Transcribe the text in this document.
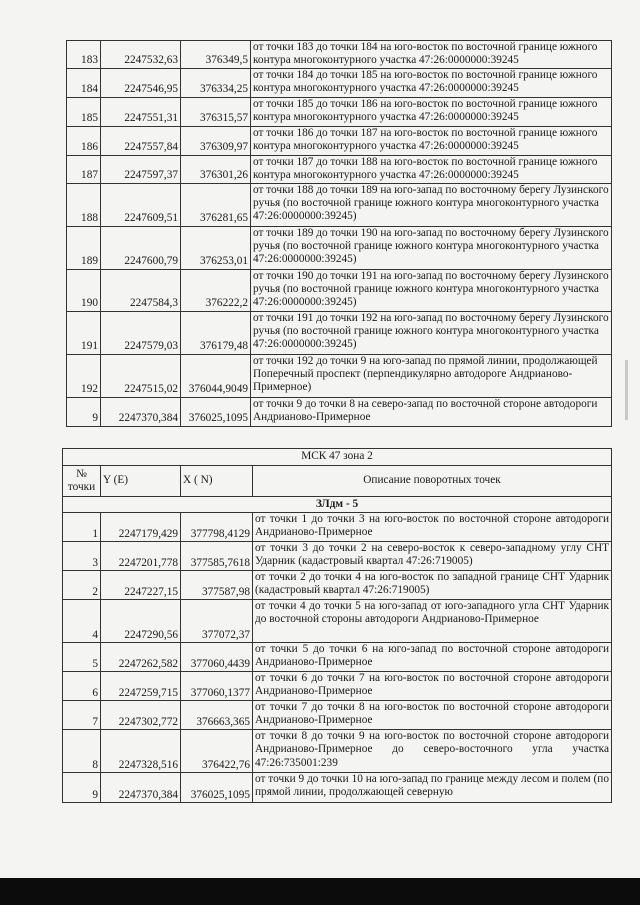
183	2247532,63	376349,5	от точки 183 до точки 184 на юго-восток по восточной границе южного контура многоконтурного участка 47:26:0000000:39245
184	2247546,95	376334,25	от точки 184 до точки 185 на юго-восток по восточной границе южного контура многоконтурного участка 47:26:0000000:39245
185	2247551,31	376315,57	от точки 185 до точки 186 на юго-восток по восточной границе южного контура многоконтурного участка 47:26:0000000:39245
186	2247557,84	376309,97	от точки 186 до точки 187 на юго-восток по восточной границе южного контура многоконтурного участка 47:26:0000000:39245
187	2247597,37	376301,26	от точки 187 до точки 188 на юго-восток по восточной границе южного контура многоконтурного участка 47:26:0000000:39245
188	2247609,51	376281,65	от точки 188 до точки 189 на юго-запад по восточному берегу Лузинского ручья (по восточной границе южного контура многоконтурного участка 47:26:0000000:39245)
189	2247600,79	376253,01	от точки 189 до точки 190 на юго-запад по восточному берегу Лузинского ручья (по восточной границе южного контура многоконтурного участка 47:26:0000000:39245)
190	2247584,3	376222,2	от точки 190 до точки 191 на юго-запад по восточному берегу Лузинского ручья (по восточной границе южного контура многоконтурного участка 47:26:0000000:39245)
191	2247579,03	376179,48	от точки 191 до точки 192 на юго-запад по восточному берегу Лузинского ручья (по восточной границе южного контура многоконтурного участка 47:26:0000000:39245)
192	2247515,02	376044,9049	от точки 192 до точки 9 на юго-запад по прямой линии, продолжающей Поперечный проспект (перпендикулярно автодороге Андрианово-Примерное)
9	2247370,384	376025,1095	от точки 9 до точки 8 на северо-запад по восточной стороне автодороги Андрианово-Примерное
МСК 47 зона 2			
№ точки	Y (E)	X ( N)	Описание поворотных точек
ЗЛдм - 5			
1	2247179,429	377798,4129	от точки 1 до точки 3 на юго-восток по восточной стороне автодороги Андрианово-Примерное
3	2247201,778	377585,7618	от точки 3 до точки 2 на северо-восток к северо-западному углу СНТ Ударник (кадастровый квартал 47:26:719005)
2	2247227,15	377587,98	от точки 2 до точки 4 на юго-восток по западной границе СНТ Ударник (кадастровый квартал 47:26:719005)
4	2247290,56	377072,37	от точки 4 до точки 5 на юго-запад от юго-западного угла СНТ Ударник до восточной стороны автодороги Андрианово-Примерное
5	2247262,582	377060,4439	от точки 5 до точки 6 на юго-запад по восточной стороне автодороги Андрианово-Примерное
6	2247259,715	377060,1377	от точки 6 до точки 7 на юго-восток по восточной стороне автодороги Андрианово-Примерное
7	2247302,772	376663,365	от точки 7 до точки 8 на юго-восток по восточной стороне автодороги Андрианово-Примерное
8	2247328,516	376422,76	от точки 8 до точки 9 на юго-восток по восточной стороне автодороги Андрианово-Примерное до северо-восточного угла участка 47:26:735001:239
9	2247370,384	376025,1095	от точки 9 до точки 10 на юго-запад по границе между лесом и полем (по прямой линии, продолжающей северную
